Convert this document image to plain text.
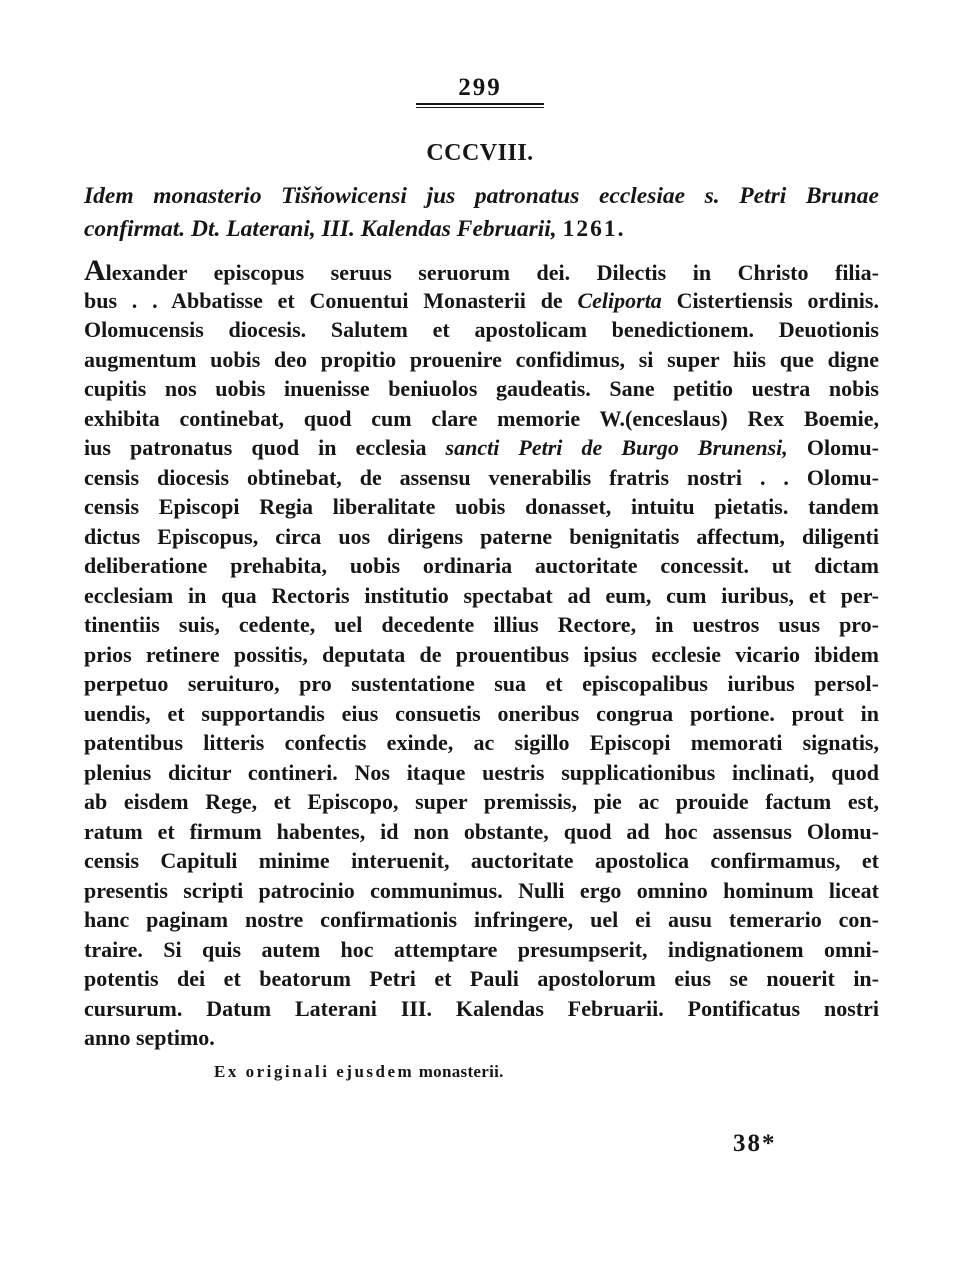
299
CCCVIII.
Idem monasterio Tišňowicensi jus patronatus ecclesiae s. Petri Brunae
confirmat. Dt. Laterani, III. Kalendas Februarii, 1261.
Alexander episcopus seruus seruorum dei. Dilectis in Christo filia-
bus . . Abbatisse et Conuentui Monasterii de Celiporta Cistertiensis ordinis.
Olomucensis diocesis. Salutem et apostolicam benedictionem. Deuotionis
augmentum uobis deo propitio prouenire confidimus, si super hiis que digne
cupitis nos uobis inuenisse beniuolos gaudeatis. Sane petitio uestra nobis
exhibita continebat, quod cum clare memorie W.(enceslaus) Rex Boemie,
ius patronatus quod in ecclesia sancti Petri de Burgo Brunensi, Olomu-
censis diocesis obtinebat, de assensu venerabilis fratris nostri . . Olomu-
censis Episcopi Regia liberalitate uobis donasset, intuitu pietatis. tandem
dictus Episcopus, circa uos dirigens paterne benignitatis affectum, diligenti
deliberatione prehabita, uobis ordinaria auctoritate concessit. ut dictam
ecclesiam in qua Rectoris institutio spectabat ad eum, cum iuribus, et per-
tinentiis suis, cedente, uel decedente illius Rectore, in uestros usus pro-
prios retinere possitis, deputata de prouentibus ipsius ecclesie vicario ibidem
perpetuo seruituro, pro sustentatione sua et episcopalibus iuribus persol-
uendis, et supportandis eius consuetis oneribus congrua portione. prout in
patentibus litteris confectis exinde, ac sigillo Episcopi memorati signatis,
plenius dicitur contineri. Nos itaque uestris supplicationibus inclinati, quod
ab eisdem Rege, et Episcopo, super premissis, pie ac prouide factum est,
ratum et firmum habentes, id non obstante, quod ad hoc assensus Olomu-
censis Capituli minime interuenit, auctoritate apostolica confirmamus, et
presentis scripti patrocinio communimus. Nulli ergo omnino hominum liceat
hanc paginam nostre confirmationis infringere, uel ei ausu temerario con-
traire. Si quis autem hoc attemptare presumpserit, indignationem omni-
potentis dei et beatorum Petri et Pauli apostolorum eius se nouerit in-
cursurum. Datum Laterani III. Kalendas Februarii. Pontificatus nostri
anno septimo.
Ex originali ejusdem monasterii.
38*
